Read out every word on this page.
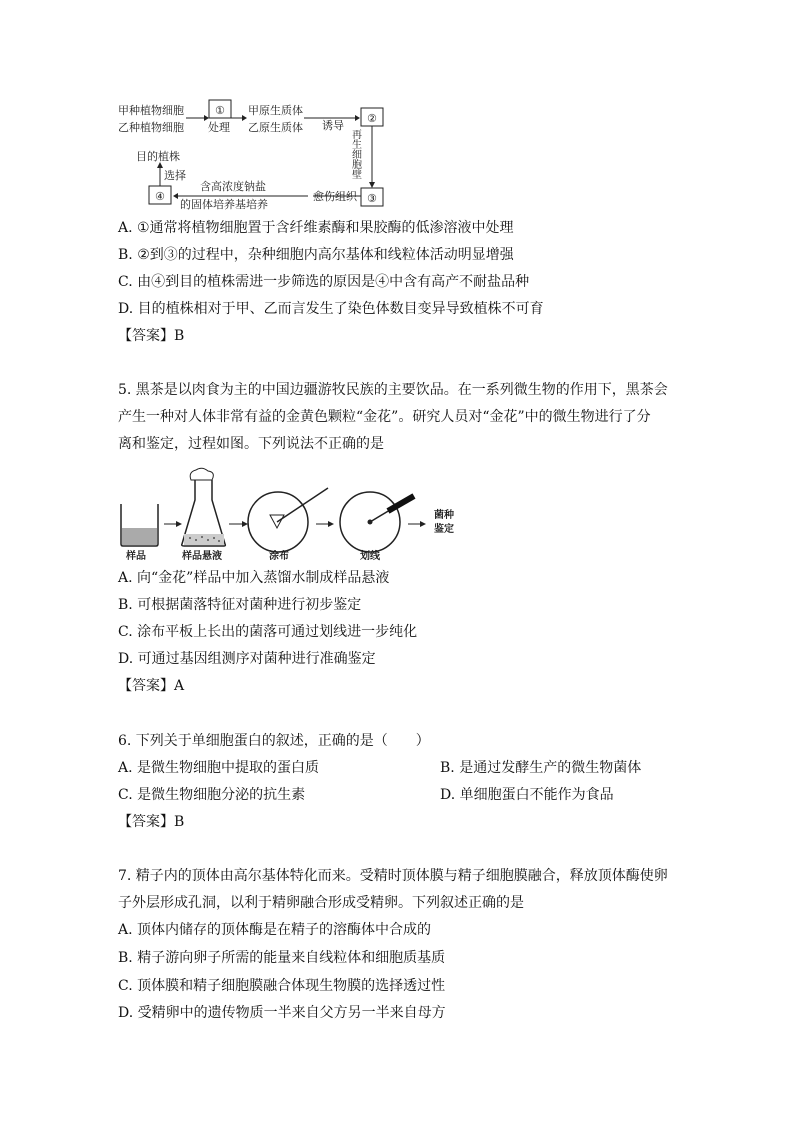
甲种植物细胞
乙种植物细胞
①
处理
甲原生质体
乙原生质体 诱导
②
再
生
细
胞
壁
③
愈伤组织
含高浓度钠盐
的固体培养基培养
④
选择
目的植株
A. ①通常将植物细胞置于含纤维素酶和果胶酶的低渗溶液中处理
B. ②到③的过程中，杂种细胞内高尔基体和线粒体活动明显增强
C. 由④到目的植株需进一步筛选的原因是④中含有高产不耐盐品种
D. 目的植株相对于甲、乙而言发生了染色体数目变异导致植株不可育
【答案】B
5. 黑茶是以肉食为主的中国边疆游牧民族的主要饮品。在一系列微生物的作用下，黑茶会
产生一种对人体非常有益的金黄色颗粒“金花”。研究人员对“金花”中的微生物进行了分
离和鉴定，过程如图。下列说法不正确的是
样品	样品悬液	涂布	划线
菌种
鉴定
A. 向“金花”样品中加入蒸馏水制成样品悬液
B. 可根据菌落特征对菌种进行初步鉴定
C. 涂布平板上长出的菌落可通过划线进一步纯化
D. 可通过基因组测序对菌种进行准确鉴定
【答案】A
6. 下列关于单细胞蛋白的叙述，正确的是（　　）
A. 是微生物细胞中提取的蛋白质	B. 是通过发酵生产的微生物菌体
C. 是微生物细胞分泌的抗生素	D. 单细胞蛋白不能作为食品
【答案】B
7. 精子内的顶体由高尔基体特化而来。受精时顶体膜与精子细胞膜融合，释放顶体酶使卵
子外层形成孔洞，以利于精卵融合形成受精卵。下列叙述正确的是
A. 顶体内储存的顶体酶是在精子的溶酶体中合成的
B. 精子游向卵子所需的能量来自线粒体和细胞质基质
C. 顶体膜和精子细胞膜融合体现生物膜的选择透过性
D. 受精卵中的遗传物质一半来自父方另一半来自母方
